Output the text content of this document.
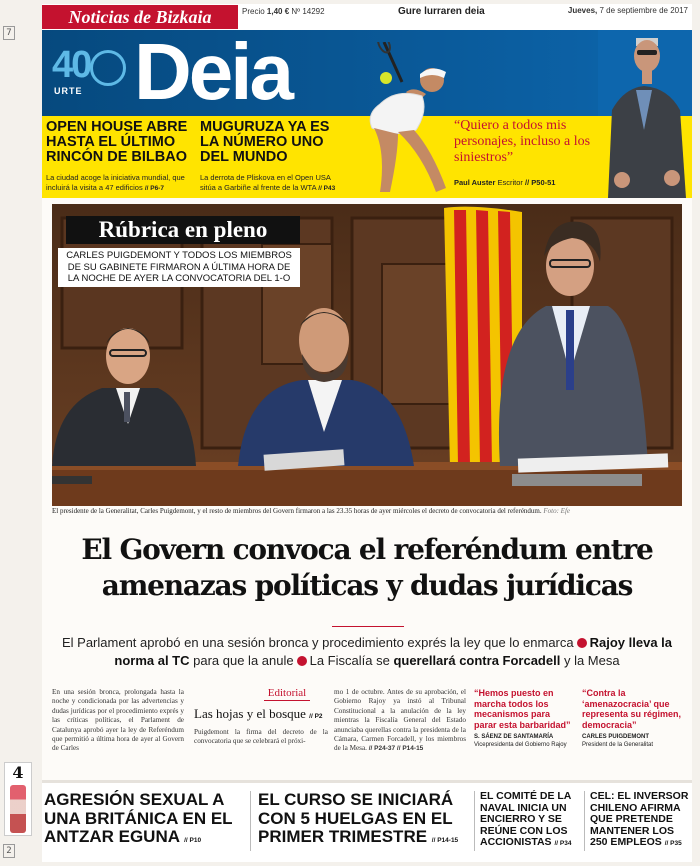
7
4
2
Noticias de Bizkaia	Precio 1,40 € Nº 14292	Gure lurraren deia	Jueves, 7 de septiembre de 2017
40
URTE Deia
OPEN HOUSE ABRE HASTA EL ÚLTIMO RINCÓN DE BILBAO
La ciudad acoge la iniciativa mundial, que incluirá la visita a 47 edificios // P6-7
MUGURUZA YA ES LA NÚMERO UNO DEL MUNDO
La derrota de Pliskova en el Open USA sitúa a Garbiñe al frente de la WTA // P43
“Quiero a todos mis personajes, incluso a los siniestros”
Paul Auster Escritor // P50-51
Rúbrica en pleno
CARLES PUIGDEMONT Y TODOS LOS MIEMBROS DE SU GABINETE FIRMARON A ÚLTIMA HORA DE LA NOCHE DE AYER LA CONVOCATORIA DEL 1-O
El presidente de la Generalitat, Carles Puigdemont, y el resto de miembros del Govern firmaron a las 23.35 horas de ayer miércoles el decreto de convocatoria del referéndum. Foto: Efe
El Govern convoca el referéndum entre
amenazas políticas y dudas jurídicas
El Parlament aprobó en una sesión bronca y procedimiento exprés la ley que lo enmarca Rajoy lleva la norma al TC para que la anule La Fiscalía se querellará contra Forcadell y la Mesa
En una sesión bronca, prolongada hasta la noche y condicionada por las advertencias y dudas jurídicas por el procedimiento exprés y las críticas políticas, el Parlament de Catalunya aprobó ayer la ley de Referéndum que permitió a última hora de ayer al Govern de Carles
Editorial
Las hojas y el bosque // P2
Puigdemont la firma del decreto de la convocatoria que se celebrará el próxi-
mo 1 de octubre. Antes de su aprobación, el Gobierno Rajoy ya instó al Tribunal Constitucional a la anulación de la ley mientras la Fiscalía General del Estado anunciaba querellas contra la presidenta de la Cámara, Carmen Forcadell, y los miembros de la Mesa. // P24-37 // P14-15
“Hemos puesto en marcha todos los mecanismos para parar esta barbaridad”
S. SÁENZ DE SANTAMARÍA
Vicepresidenta del Gobierno Rajoy
“Contra la ‘amenazocracia’ que representa su régimen, democracia”
CARLES PUIGDEMONT
President de la Generalitat
AGRESIÓN SEXUAL A UNA BRITÁNICA EN EL ANTZAR EGUNA // P10
EL CURSO SE INICIARÁ CON 5 HUELGAS EN EL PRIMER TRIMESTRE // P14-15
EL COMITÉ DE LA NAVAL INICIA UN ENCIERRO Y SE REÚNE CON LOS ACCIONISTAS // P34
CEL: EL INVERSOR CHILENO AFIRMA QUE PRETENDE MANTENER LOS 250 EMPLEOS // P35
